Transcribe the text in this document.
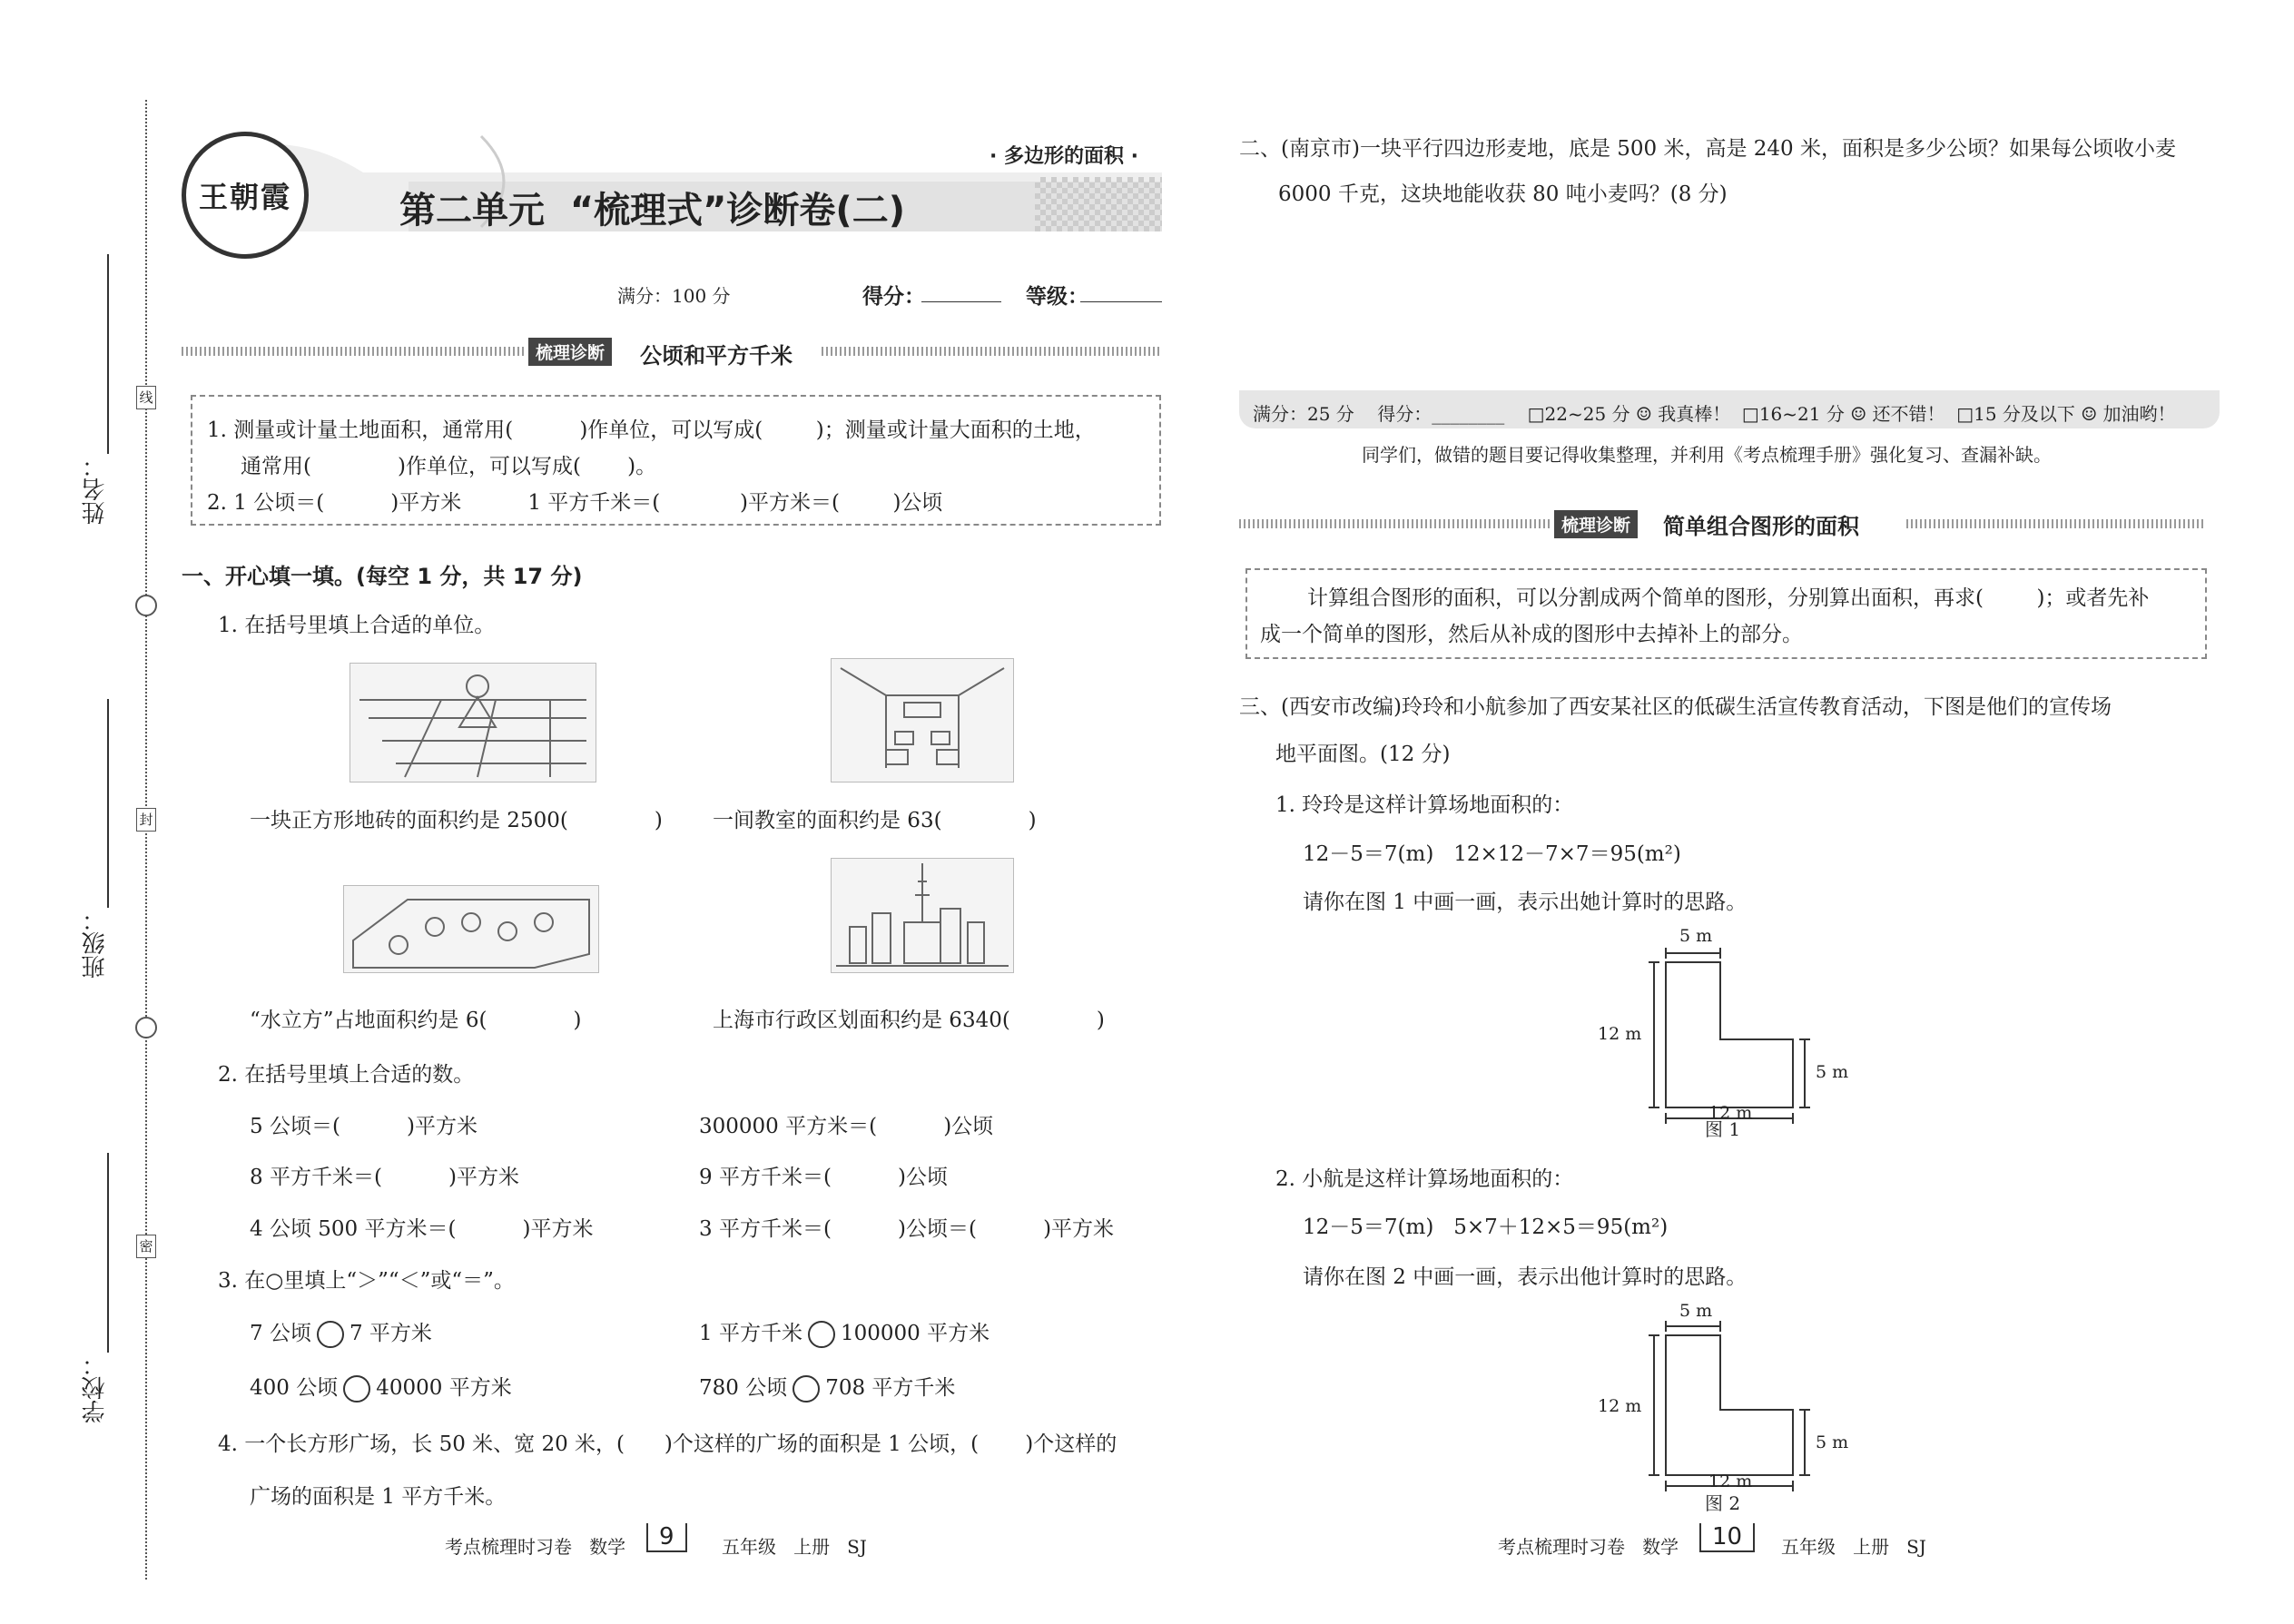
姓名：
班级：
学校：
线
封
密
王朝霞
· 多边形的面积 ·
第二单元  “梳理式”诊断卷(二)
满分：100 分	得分：	等级：
梳理诊断	公顷和平方千米
1. 测量或计量土地面积，通常用(          )作单位，可以写成(        )；测量或计量大面积的土地，
通常用(             )作单位，可以写成(       )。
2. 1 公顷＝(          )平方米          1 平方千米＝(            )平方米＝(        )公顷
一、开心填一填。(每空 1 分，共 17 分)
1. 在括号里填上合适的单位。
一块正方形地砖的面积约是 2500(             ) 一间教室的面积约是 63(             )
“水立方”占地面积约是 6(             )	上海市行政区划面积约是 6340(             )
2. 在括号里填上合适的数。
5 公顷＝(          )平方米	300000 平方米＝(          )公顷
8 平方千米＝(          )平方米	9 平方千米＝(          )公顷
4 公顷 500 平方米＝(          )平方米	3 平方千米＝(          )公顷＝(          )平方米
3. 在○里填上“＞”“＜”或“＝”。
7 公顷 7 平方米	1 平方千米 100000 平方米
400 公顷 40000 平方米	780 公顷 708 平方千米
4. 一个长方形广场，长 50 米、宽 20 米，(      )个这样的广场的面积是 1 公顷，(       )个这样的
广场的面积是 1 平方千米。
考点梳理时习卷   数学	9	五年级   上册   SJ
二、(南京市)一块平行四边形麦地，底是 500 米，高是 240 米，面积是多少公顷？如果每公顷收小麦
6000 千克，这块地能收获 80 吨小麦吗？(8 分)
满分：25 分    得分：________    □22~25 分 ☺ 我真棒！  □16~21 分 ☺ 还不错！  □15 分及以下 ☺ 加油哟！
同学们，做错的题目要记得收集整理，并利用《考点梳理手册》强化复习、查漏补缺。
梳理诊断	简单组合图形的面积
计算组合图形的面积，可以分割成两个简单的图形，分别算出面积，再求(        )；或者先补
成一个简单的图形，然后从补成的图形中去掉补上的部分。
三、(西安市改编)玲玲和小航参加了西安某社区的低碳生活宣传教育活动，下图是他们的宣传场
地平面图。(12 分)
1. 玲玲是这样计算场地面积的：
12－5＝7(m)   12×12－7×7＝95(m²)
请你在图 1 中画一画，表示出她计算时的思路。
5 m
12 m
5 m
12 m
图 1
2. 小航是这样计算场地面积的：
12－5＝7(m)   5×7＋12×5＝95(m²)
请你在图 2 中画一画，表示出他计算时的思路。
5 m
12 m
5 m
12 m
图 2
考点梳理时习卷   数学	10	五年级   上册   SJ
